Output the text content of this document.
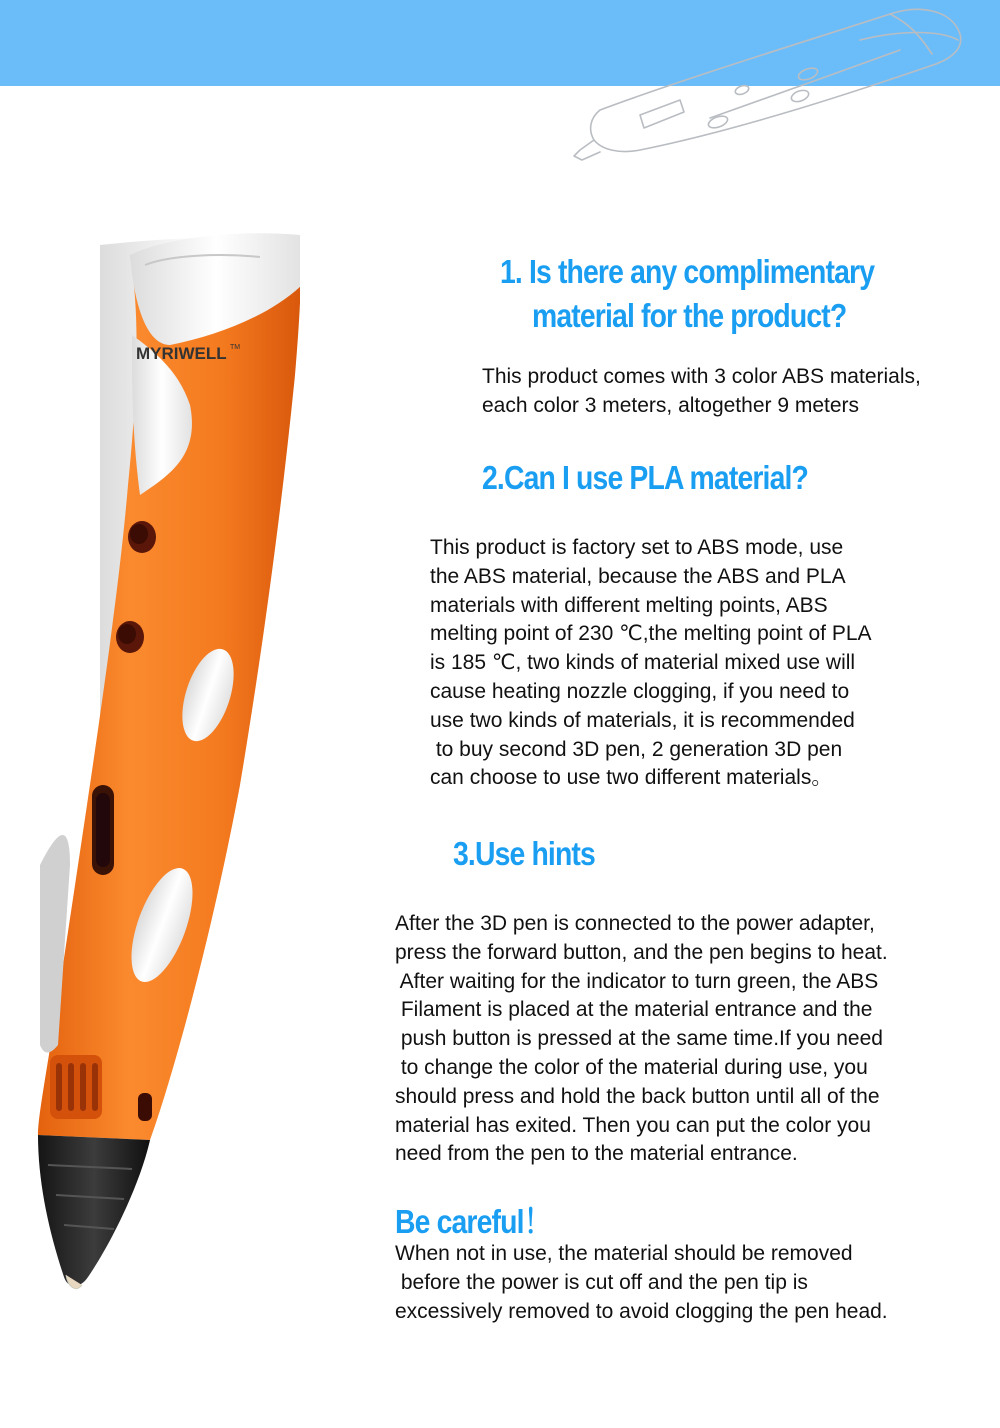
MYRIWELL TM
1. Is there any complimentary
material for the product?

This product comes with 3 color ABS materials,
each color 3 meters, altogether 9 meters

2.Can I use PLA material?

This product is factory set to ABS mode, use
the ABS material, because the ABS and PLA
materials with different melting points, ABS
melting point of 230 ℃,the melting point of PLA
is 185 ℃, two kinds of material mixed use will
cause heating nozzle clogging, if you need to
use two kinds of materials, it is recommended
to buy second 3D pen, 2 generation 3D pen
can choose to use two different materials。

3.Use hints

After the 3D pen is connected to the power adapter,
press the forward button, and the pen begins to heat.
After waiting for the indicator to turn green, the ABS
Filament is placed at the material entrance and the
push button is pressed at the same time.If you need
to change the color of the material during use, you
should press and hold the back button until all of the
material has exited. Then you can put the color you
need from the pen to the material entrance.

Be careful！

When not in use, the material should be removed
before the power is cut off and the pen tip is
excessively removed to avoid clogging the pen head.
